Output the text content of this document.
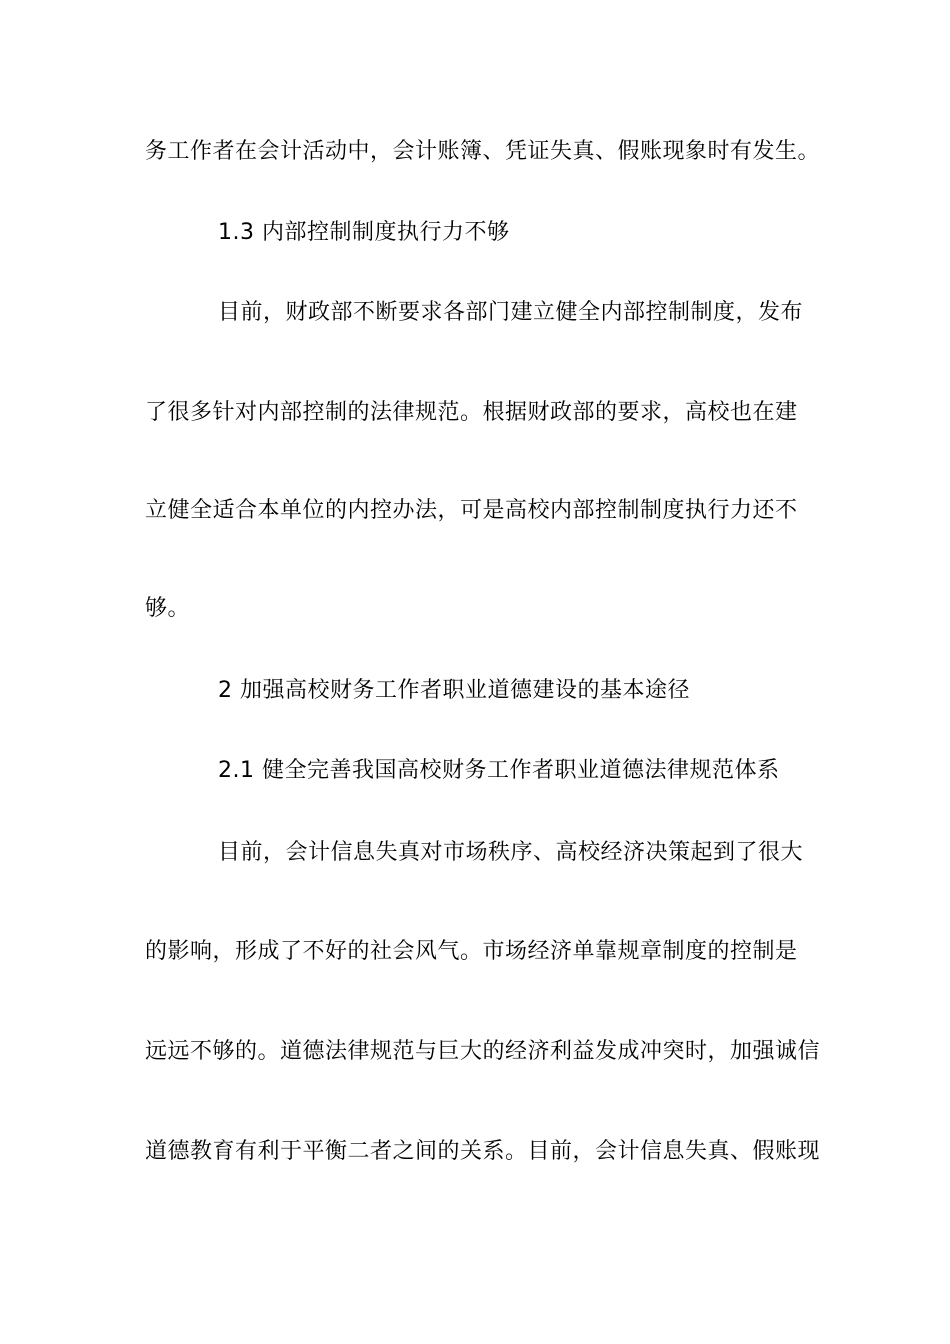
务工作者在会计活动中，会计账簿、凭证失真、假账现象时有发生。
1.3 内部控制制度执行力不够
目前，财政部不断要求各部门建立健全内部控制制度，发布
了很多针对内部控制的法律规范。根据财政部的要求，高校也在建
立健全适合本单位的内控办法，可是高校内部控制制度执行力还不
够。
2 加强高校财务工作者职业道德建设的基本途径
2.1 健全完善我国高校财务工作者职业道德法律规范体系
目前，会计信息失真对市场秩序、高校经济决策起到了很大
的影响，形成了不好的社会风气。市场经济单靠规章制度的控制是
远远不够的。道德法律规范与巨大的经济利益发成冲突时，加强诚信
道德教育有利于平衡二者之间的关系。目前，会计信息失真、假账现
